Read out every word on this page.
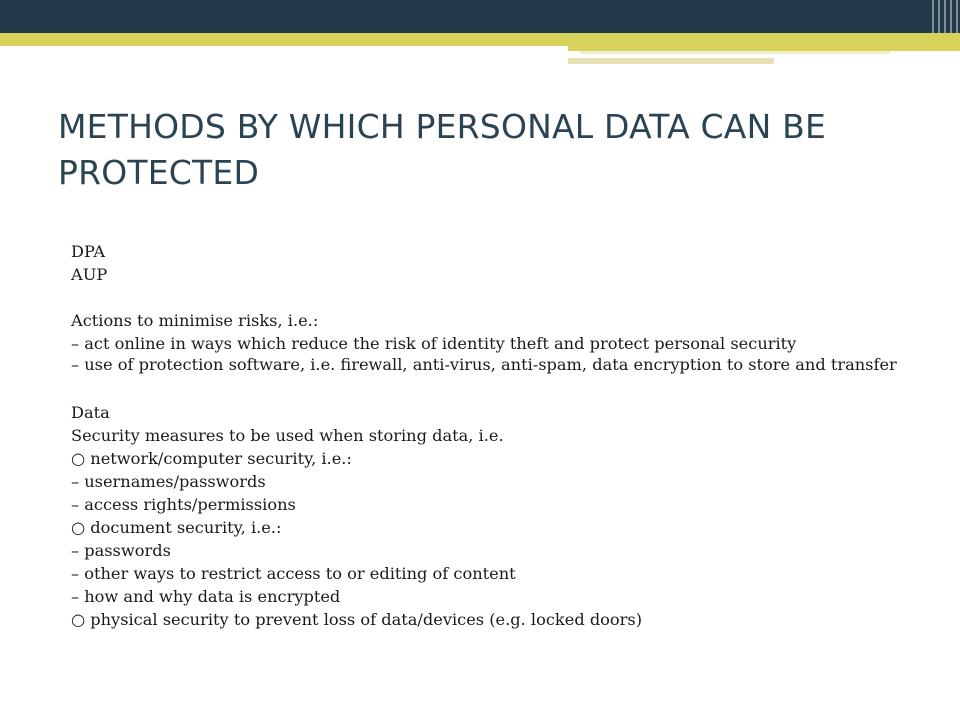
METHODS BY WHICH PERSONAL DATA CAN BE PROTECTED
DPA
AUP
Actions to minimise risks, i.e.:
– act online in ways which reduce the risk of identity theft and protect personal security
– use of protection software, i.e. firewall, anti-virus, anti-spam, data encryption to store and transfer
Data
Security measures to be used when storing data, i.e.
○ network/computer security, i.e.:
– usernames/passwords
– access rights/permissions
○ document security, i.e.:
– passwords
– other ways to restrict access to or editing of content
– how and why data is encrypted
○ physical security to prevent loss of data/devices (e.g. locked doors)
